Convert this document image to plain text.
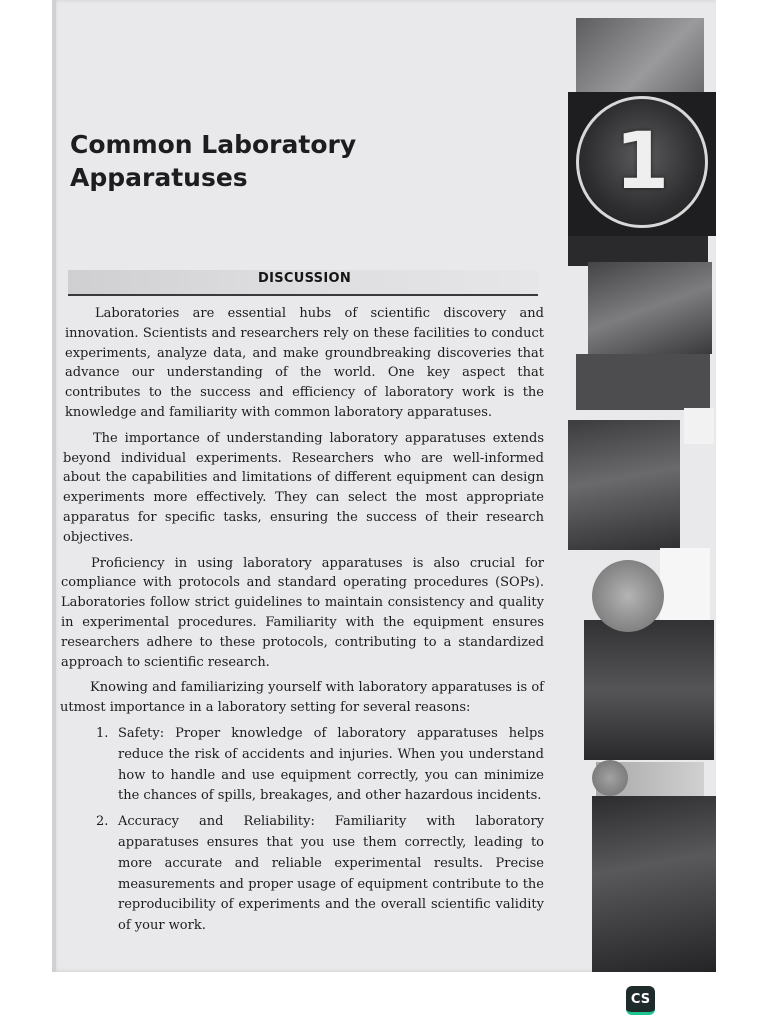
Common Laboratory
Apparatuses
DISCUSSION

Laboratories are essential hubs of scientific discovery and innovation. Scientists and researchers rely on these facilities to conduct experiments, analyze data, and make groundbreaking discoveries that advance our understanding of the world. One key aspect that contributes to the success and efficiency of laboratory work is the knowledge and familiarity with common laboratory apparatuses.

The importance of understanding laboratory apparatuses extends beyond individual experiments. Researchers who are well-informed about the capabilities and limitations of different equipment can design experiments more effectively. They can select the most appropriate apparatus for specific tasks, ensuring the success of their research objectives.

Proficiency in using laboratory apparatuses is also crucial for compliance with protocols and standard operating procedures (SOPs). Laboratories follow strict guidelines to maintain consistency and quality in experimental procedures. Familiarity with the equipment ensures researchers adhere to these protocols, contributing to a standardized approach to scientific research.

Knowing and familiarizing yourself with laboratory apparatuses is of utmost importance in a laboratory setting for several reasons:

1. Safety: Proper knowledge of laboratory apparatuses helps reduce the risk of accidents and injuries. When you understand how to handle and use equipment correctly, you can minimize the chances of spills, breakages, and other hazardous incidents.
2. Accuracy and Reliability: Familiarity with laboratory apparatuses ensures that you use them correctly, leading to more accurate and reliable experimental results. Precise measurements and proper usage of equipment contribute to the reproducibility of experiments and the overall scientific validity of your work.
1
CS
